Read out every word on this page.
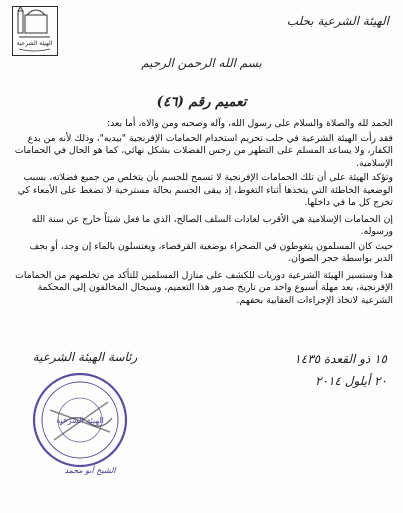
الهيئة الشرعية
الهيئة الشرعية بحلب
بسم الله الرحمن الرحيم
تعميم رقم (٤٦)

الحمد لله والصلاة والسلام على رسول الله، وآله وصحبه ومن والاه، أما بعد:

فقد رأت الهيئة الشرعية في حلب تحريم استخدام الحمامات الإفرنجية "بيديه"، وذلك لأنه من بدع الكفار، ولا يساعد المسلم على التطهر من رجس الفضلات بشكل نهائي، كما هو الحال في الحمامات الإسلامية.

وتؤكد الهيئة على أن تلك الحمامات الإفرنجية لا تسمح للجسم بأن يتخلص من جميع فضلاته، بسبب الوضعية الخاطئة التي يتخذها أثناء التغوط، إذ يبقى الجسم بحالة مسترخية لا تضغط على الأمعاء كي تخرج كل ما في داخلها.

إن الحمامات الإسلامية هي الأقرب لعادات السلف الصالح، الذي ما فعل شيئاً خارج عن سنة الله ورسوله.

حيث كان المسلمون يتغوطون في الصحراء بوضعية القرفصاء، ويغتسلون بالماء إن وجد، أو بحف الدبر بواسطة حجر الصوان.

هذا وستسير الهيئة الشرعية دوريات للكشف على منازل المسلمين للتأكد من تخلصهم من الحمامات الإفرنجية، بعد مهلة أسبوع واحد من تاريخ صدور هذا التعميم، وسيحال المخالفون إلى المحكمة الشرعية لاتخاذ الإجراءات العقابية بحقهم.

١٥ ذو القعدة ١٤٣٥
٢٠ أيلول ٢٠١٤
رئاسة الهيئة الشرعية
الهيئة الشرعية
الشيخ أبو محمد
